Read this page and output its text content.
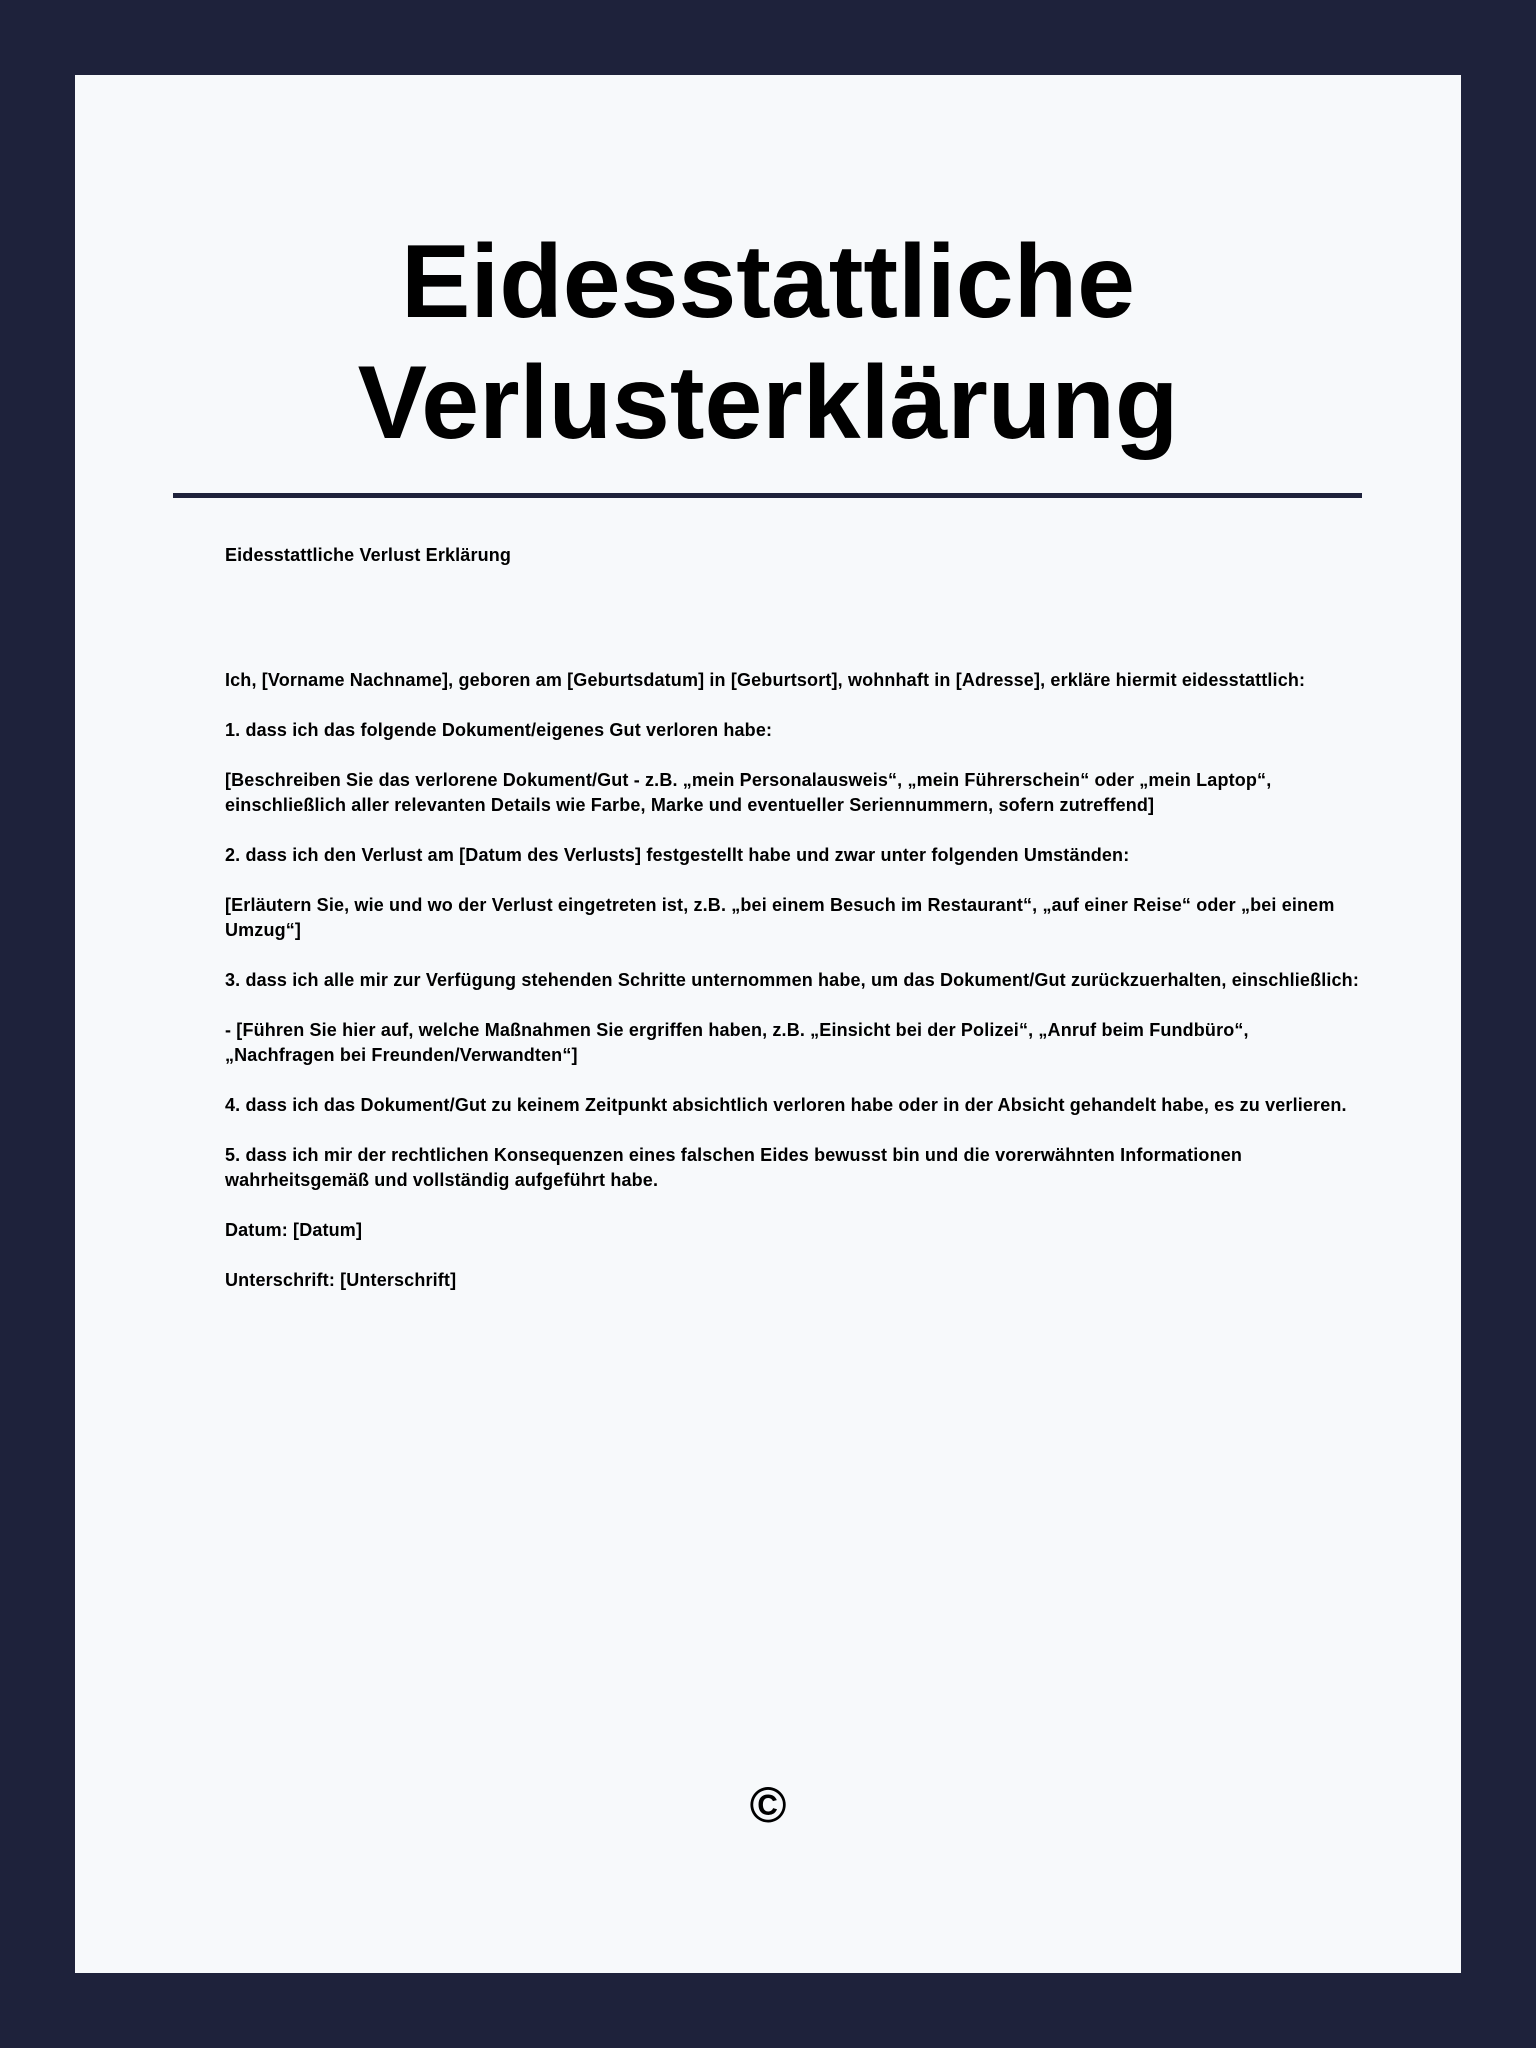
Eidesstattliche
Verlusterklärung

Eidesstattliche Verlust Erklärung

Ich, [Vorname Nachname], geboren am [Geburtsdatum] in [Geburtsort], wohnhaft in [Adresse], erkläre hiermit eidesstattlich:

1. dass ich das folgende Dokument/eigenes Gut verloren habe:

[Beschreiben Sie das verlorene Dokument/Gut - z.B. „mein Personalausweis“, „mein Führerschein“ oder „mein Laptop“, einschließlich aller relevanten Details wie Farbe, Marke und eventueller Seriennummern, sofern zutreffend]

2. dass ich den Verlust am [Datum des Verlusts] festgestellt habe und zwar unter folgenden Umständen:

[Erläutern Sie, wie und wo der Verlust eingetreten ist, z.B. „bei einem Besuch im Restaurant“, „auf einer Reise“ oder „bei einem Umzug“]

3. dass ich alle mir zur Verfügung stehenden Schritte unternommen habe, um das Dokument/Gut zurückzuerhalten, einschließlich:

- [Führen Sie hier auf, welche Maßnahmen Sie ergriffen haben, z.B. „Einsicht bei der Polizei“, „Anruf beim Fundbüro“, „Nachfragen bei Freunden/Verwandten“]

4. dass ich das Dokument/Gut zu keinem Zeitpunkt absichtlich verloren habe oder in der Absicht gehandelt habe, es zu verlieren.

5. dass ich mir der rechtlichen Konsequenzen eines falschen Eides bewusst bin und die vorerwähnten Informationen wahrheitsgemäß und vollständig aufgeführt habe.

Datum: [Datum]

Unterschrift: [Unterschrift]

©
